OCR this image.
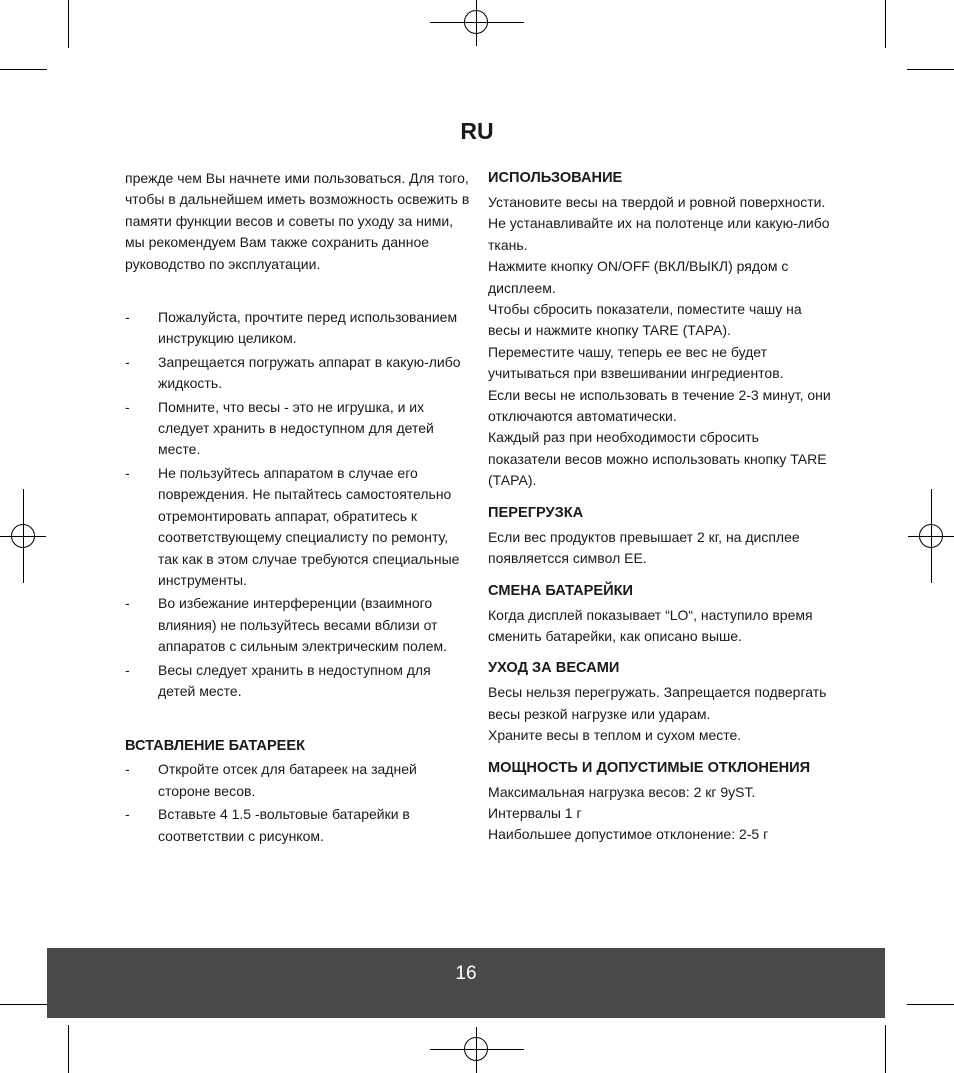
RU

прежде чем Вы начнете ими пользоваться. Для того, чтобы в дальнейшем иметь возможность освежить в памяти функции весов и советы по уходу за ними, мы рекомендуем Вам также сохранить данное руководство по эксплуатации.

- Пожалуйста, прочтите перед использованием инструкцию целиком.
- Запрещается погружать аппарат в какую-либо жидкость.
- Помните, что весы - это не игрушка, и их следует хранить в недоступном для детей месте.
- Не пользуйтесь аппаратом в случае его повреждения. Не пытайтесь самостоятельно отремонтировать аппарат, обратитесь к соответствующему специалисту по ремонту, так как в этом случае требуются специальные инструменты.
- Во избежание интерференции (взаимного влияния) не пользуйтесь весами вблизи от аппаратов с сильным электрическим полем.
- Весы следует хранить в недоступном для детей месте.
ВСТАВЛЕНИЕ БАТАРЕЕК
- Откройте отсек для батареек на задней стороне весов.
- Вставьте 4 1.5 -вольтовые батарейки в соответствии с рисунком.
ИСПОЛЬЗОВАНИЕ
Установите весы на твердой и ровной поверхности. Не устанавливайте их на полотенце или какую-либо ткань.
Нажмите кнопку ON/OFF (ВКЛ/ВЫКЛ) рядом с дисплеем.
Чтобы сбросить показатели, поместите чашу на весы и нажмите кнопку TARE (ТАРА).
Переместите чашу, теперь ее вес не будет учитываться при взвешивании ингредиентов.
Если весы не использовать в течение 2-3 минут, они отключаются автоматически.
Каждый раз при необходимости сбросить показатели весов можно использовать кнопку TARE (ТАРА).
ПЕРЕГРУЗКА

Если вес продуктов превышает 2 кг, на дисплее появляетсся символ EE.

СМЕНА БАТАРЕЙКИ

Когда дисплей показывает “LO“, наступило время сменить батарейки, как описано выше.

УХОД ЗА ВЕСАМИ
Весы нельзя перегружать. Запрещается подвергать весы резкой нагрузке или ударам.
Храните весы в теплом и сухом месте.
МОЩНОСТЬ И ДОПУСТИМЫЕ ОТКЛОНЕНИЯ
Максимальная нагрузка весов: 2 кг 9уST.
Интервалы 1 г
Наибольшее допустимое отклонение: 2-5 г
16
